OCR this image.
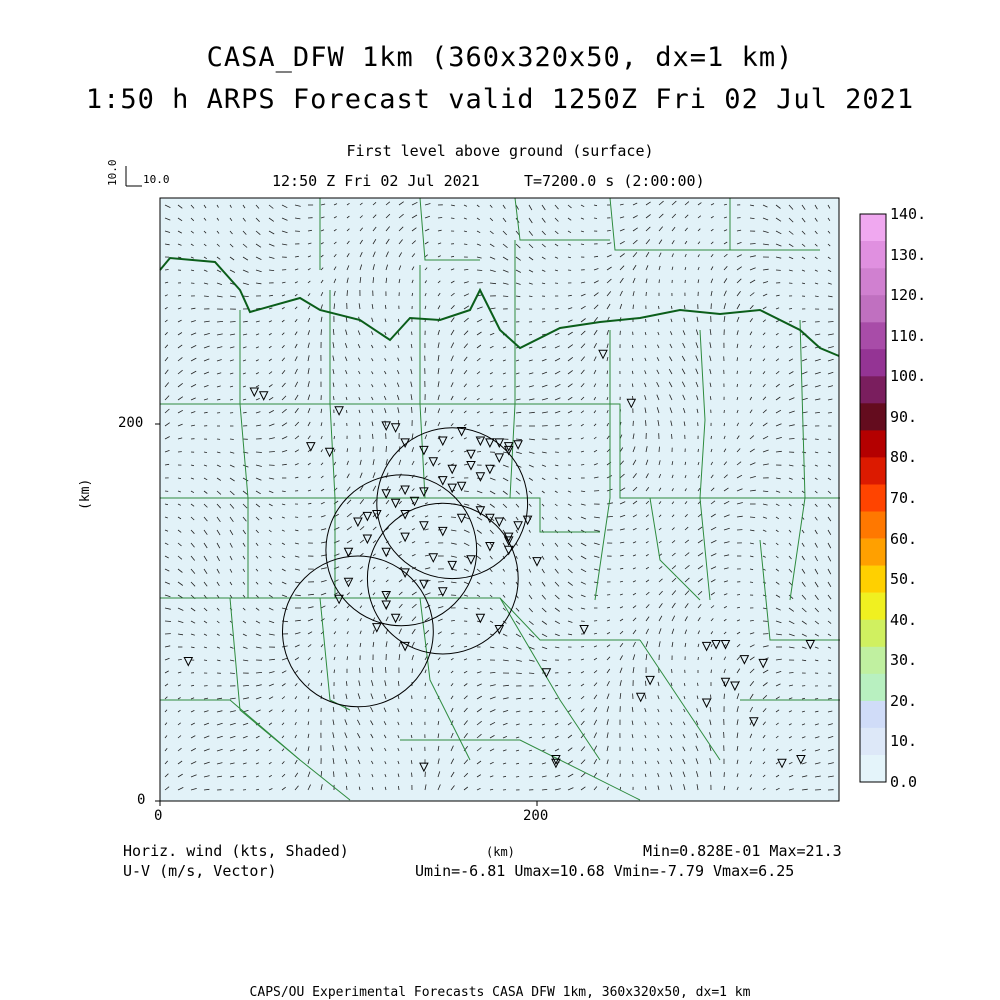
CASA_DFW 1km (360x320x50, dx=1 km)
1:50 h ARPS Forecast valid 1250Z Fri 02 Jul 2021
First level above ground (surface)
12:50 Z Fri 02 Jul 2021	T=7200.0 s (2:00:00)
10.0
10.0
(km)
200
0
0	200
(km)
Horiz. wind (kts, Shaded)
U-V (m/s, Vector)
Min=0.828E-01 Max=21.3
Umin=-6.81 Umax=10.68 Vmin=-7.79 Vmax=6.25
CAPS/OU Experimental Forecasts CASA DFW 1km, 360x320x50, dx=1 km
140.
130.
120.
110.
100.
90.
80.
70.
60.
50.
40.
30.
20.
10.
0.0
